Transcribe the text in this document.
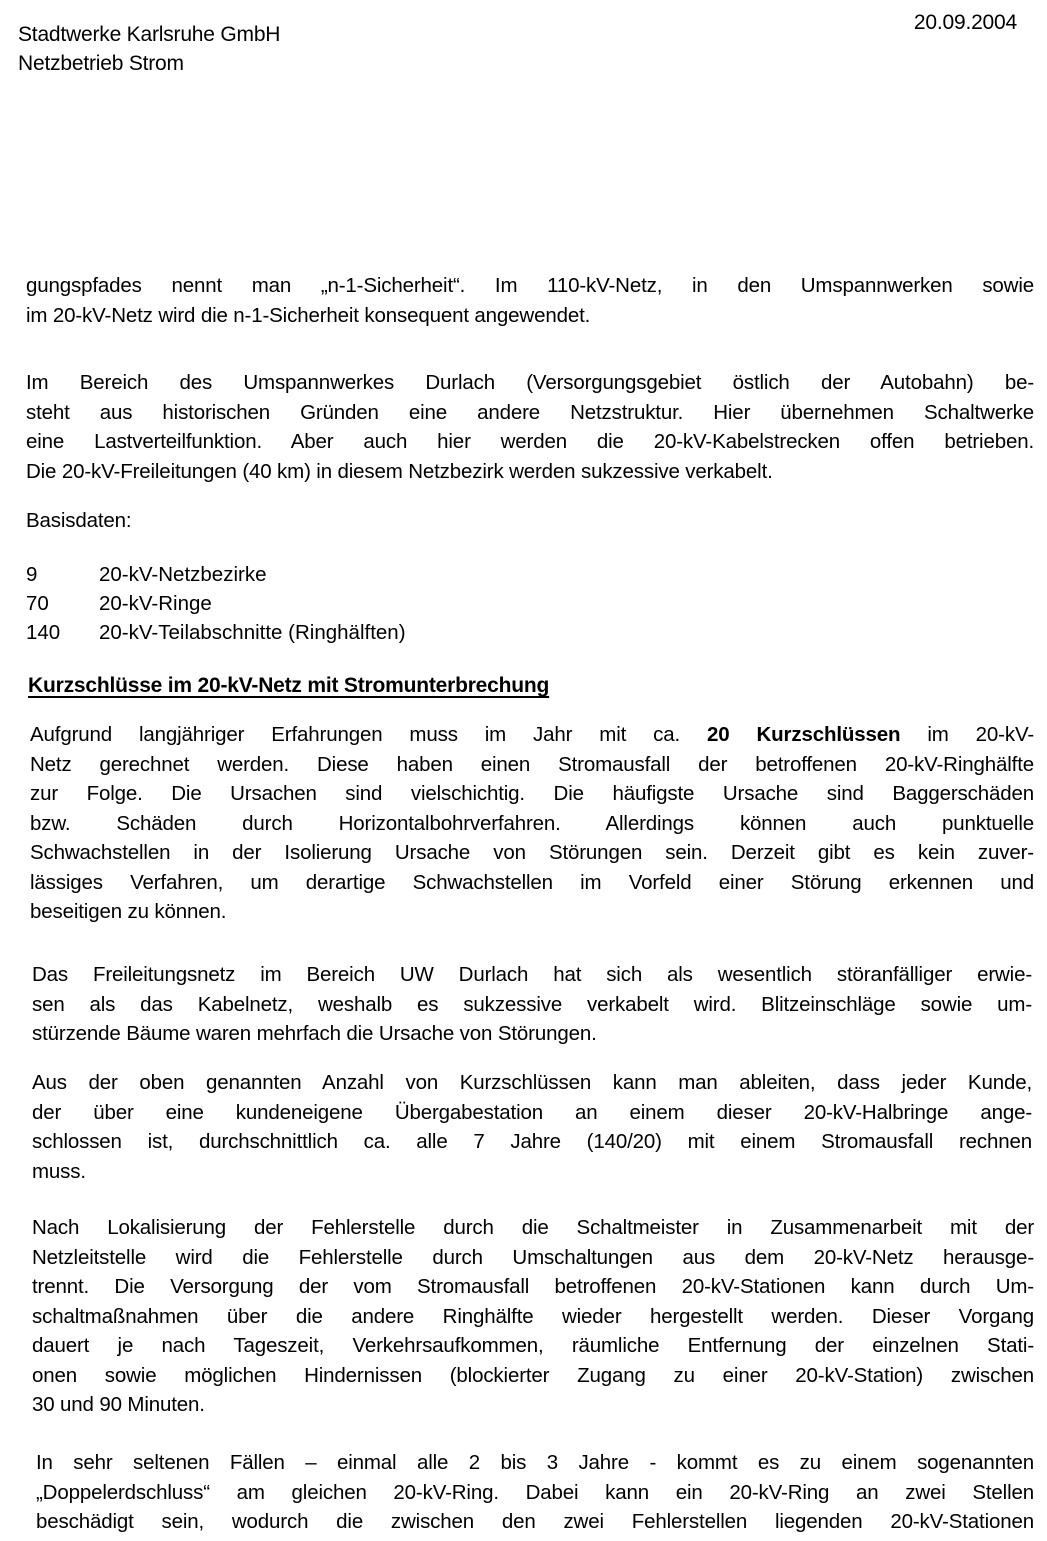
20.09.2004
Stadtwerke Karlsruhe GmbH
Netzbetrieb Strom
gungspfades nennt man „n-1-Sicherheit“. Im 110-kV-Netz, in den Umspannwerken sowie
im 20-kV-Netz wird die n-1-Sicherheit konsequent angewendet.
Im Bereich des Umspannwerkes Durlach (Versorgungsgebiet östlich der Autobahn) be-
steht aus historischen Gründen eine andere Netzstruktur. Hier übernehmen Schaltwerke
eine Lastverteilfunktion. Aber auch hier werden die 20-kV-Kabelstrecken offen betrieben.
Die 20-kV-Freileitungen (40 km) in diesem Netzbezirk werden sukzessive verkabelt.
Basisdaten:
9	20-kV-Netzbezirke
70	20-kV-Ringe
140	20-kV-Teilabschnitte (Ringhälften)
Kurzschlüsse im 20-kV-Netz mit Stromunterbrechung
Aufgrund langjähriger Erfahrungen muss im Jahr mit ca. 20 Kurzschlüssen im 20-kV-
Netz gerechnet werden. Diese haben einen Stromausfall der betroffenen 20-kV-Ringhälfte
zur Folge. Die Ursachen sind vielschichtig. Die häufigste Ursache sind Baggerschäden
bzw. Schäden durch Horizontalbohrverfahren. Allerdings können auch punktuelle
Schwachstellen in der Isolierung Ursache von Störungen sein. Derzeit gibt es kein zuver-
lässiges Verfahren, um derartige Schwachstellen im Vorfeld einer Störung erkennen und
beseitigen zu können.
Das Freileitungsnetz im Bereich UW Durlach hat sich als wesentlich störanfälliger erwie-
sen als das Kabelnetz, weshalb es sukzessive verkabelt wird. Blitzeinschläge sowie um-
stürzende Bäume waren mehrfach die Ursache von Störungen.
Aus der oben genannten Anzahl von Kurzschlüssen kann man ableiten, dass jeder Kunde,
der über eine kundeneigene Übergabestation an einem dieser 20-kV-Halbringe ange-
schlossen ist, durchschnittlich ca. alle 7 Jahre (140/20) mit einem Stromausfall rechnen
muss.
Nach Lokalisierung der Fehlerstelle durch die Schaltmeister in Zusammenarbeit mit der
Netzleitstelle wird die Fehlerstelle durch Umschaltungen aus dem 20-kV-Netz herausge-
trennt. Die Versorgung der vom Stromausfall betroffenen 20-kV-Stationen kann durch Um-
schaltmaßnahmen über die andere Ringhälfte wieder hergestellt werden. Dieser Vorgang
dauert je nach Tageszeit, Verkehrsaufkommen, räumliche Entfernung der einzelnen Stati-
onen sowie möglichen Hindernissen (blockierter Zugang zu einer 20-kV-Station) zwischen
30 und 90 Minuten.
In sehr seltenen Fällen – einmal alle 2 bis 3 Jahre - kommt es zu einem sogenannten
„Doppelerdschluss“ am gleichen 20-kV-Ring. Dabei kann ein 20-kV-Ring an zwei Stellen
beschädigt sein, wodurch die zwischen den zwei Fehlerstellen liegenden 20-kV-Stationen
